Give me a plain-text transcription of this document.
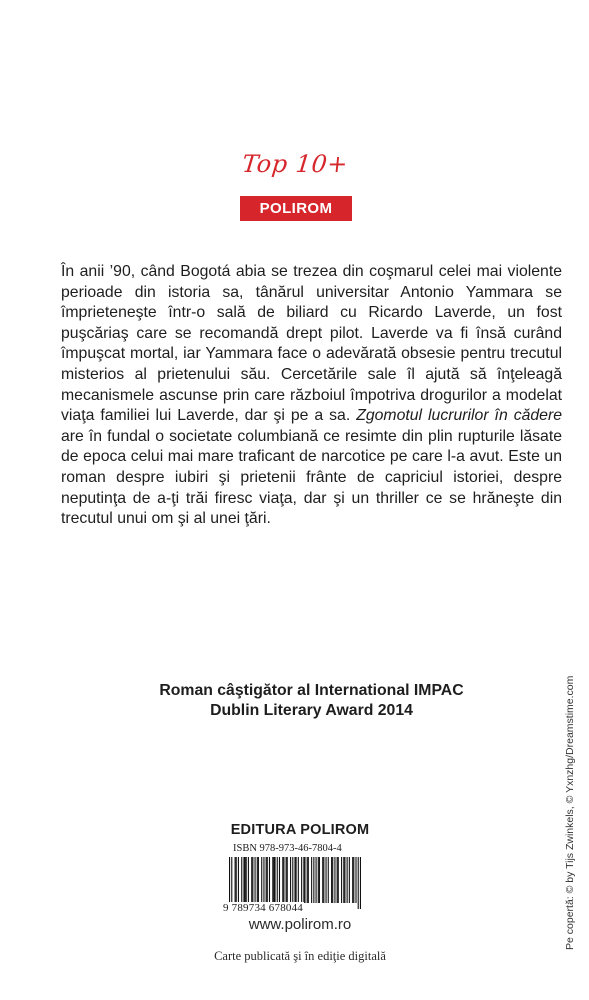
Top 10+
POLIROM

În anii ’90, când Bogotá abia se trezea din coşmarul celei mai violente perioade din istoria sa, tânărul universitar Antonio Yammara se împrieteneşte într-o sală de biliard cu Ricardo Laverde, un fost puşcăriaş care se recomandă drept pilot. Laverde va fi însă curând împuşcat mortal, iar Yammara face o adevărată obsesie pentru trecutul misterios al prietenului său. Cercetările sale îl ajută să înţeleagă mecanismele ascunse prin care războiul împotriva drogurilor a modelat viaţa familiei lui Laverde, dar şi pe a sa. Zgomotul lucrurilor în cădere are în fundal o societate columbiană ce resimte din plin rupturile lăsate de epoca celui mai mare traficant de narcotice pe care l-a avut. Este un roman despre iubiri şi prietenii frânte de capriciul istoriei, despre neputinţa de a-ţi trăi firesc viaţa, dar şi un thriller ce se hrăneşte din trecutul unui om şi al unei ţări.

Roman câştigător al International IMPAC
Dublin Literary Award 2014
EDITURA POLIROM
ISBN 978-973-46-7804-4
9 789734 678044
www.polirom.ro
Carte publicată şi în ediţie digitală
Pe copertă: © by Tijs Zwinkels, © Yxnzhg/Dreamstime.com
